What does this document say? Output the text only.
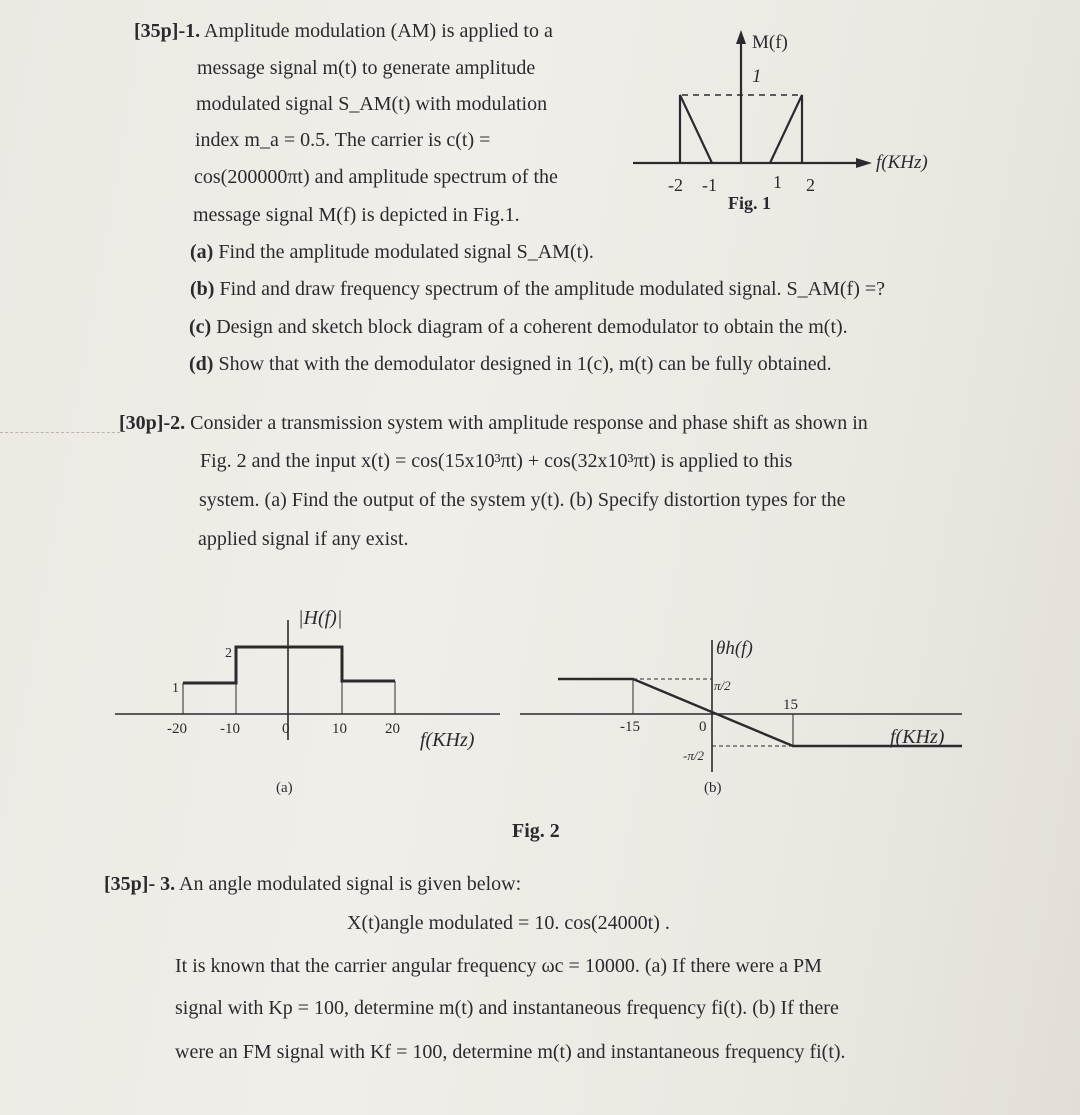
[35p]-1. Amplitude modulation (AM) is applied to a
message signal m(t) to generate amplitude
modulated signal S_AM(t) with modulation
index m_a = 0.5. The carrier is c(t) =
cos(200000πt) and amplitude spectrum of the
message signal M(f) is depicted in Fig.1.
(a) Find the amplitude modulated signal S_AM(t).
(b) Find and draw frequency spectrum of the amplitude modulated signal. S_AM(f) =?
(c) Design and sketch block diagram of a coherent demodulator to obtain the m(t).
(d) Show that with the demodulator designed in 1(c), m(t) can be fully obtained.
M(f)
1
f(KHz)
-2 -1	1 2
Fig. 1
[30p]-2. Consider a transmission system with amplitude response and phase shift as shown in
Fig. 2 and the input x(t) = cos(15x10³πt) + cos(32x10³πt) is applied to this
system. (a) Find the output of the system y(t). (b) Specify distortion types for the
applied signal if any exist.
|H(f)|
2
1
-20 -10	0	10	20 f(KHz)
(a)
θh(f)
π/2
-π/2
-15	0
15
f(KHz)
(b)
Fig. 2
[35p]- 3. An angle modulated signal is given below:
X(t)angle modulated = 10. cos(24000t) .
It is known that the carrier angular frequency ωc = 10000. (a) If there were a PM
signal with Kp = 100, determine m(t) and instantaneous frequency fi(t). (b) If there
were an FM signal with Kf = 100, determine m(t) and instantaneous frequency fi(t).
